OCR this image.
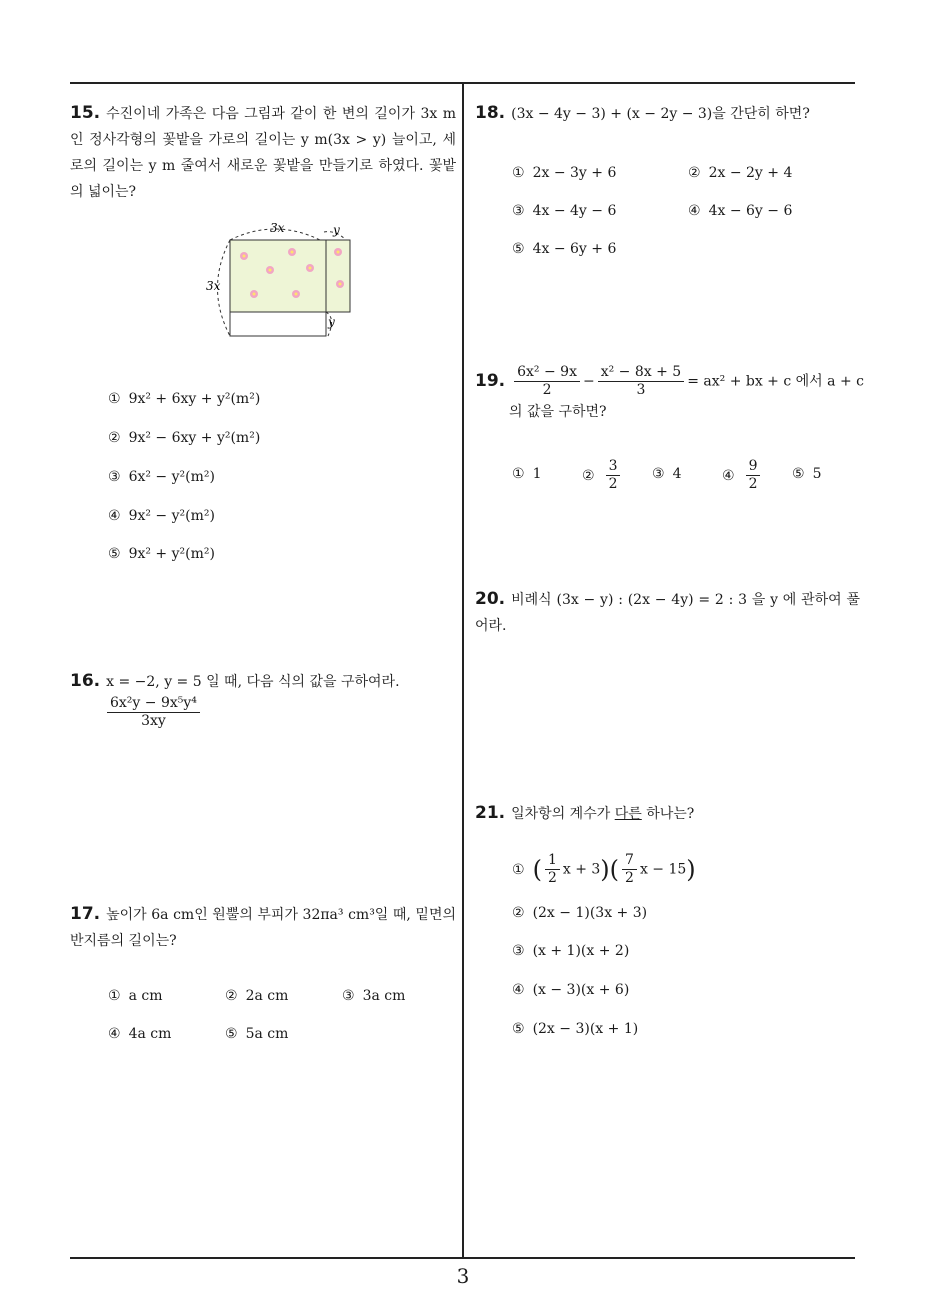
15. 수진이네 가족은 다음 그림과 같이 한 변의 길이가 3x m 인 정사각형의 꽃밭을 가로의 길이는 y m(3x > y) 늘이고, 세로의 길이는 y m 줄여서 새로운 꽃밭을 만들기로 하였다. 꽃밭의 넓이는?
3x
3x
y
y
① 9x² + 6xy + y²(m²)
② 9x² − 6xy + y²(m²)
③ 6x² − y²(m²)
④ 9x² − y²(m²)
⑤ 9x² + y²(m²)
16. x = −2, y = 5 일 때, 다음 식의 값을 구하여라.
$\frac{\text{6x²y − 9x⁵y⁴}}{3xy}$
17. 높이가 6a cm인 원뿔의 부피가 32πa³ cm³일 때, 밑면의 반지름의 길이는?
① a cm	② 2a cm	③ 3a cm
④ 4a cm	⑤ 5a cm
18. (3x − 4y − 3) + (x − 2y − 3)을 간단히 하면?
① 2x − 3y + 6	② 2x − 2y + 4
③ 4x − 4y − 6	④ 4x − 6y − 6
⑤ 4x − 6y + 6
19. $\frac{\text{6x² − 9x}}{2} - \frac{\text{x² − 8x + 5}}{3} = ax^2$ + bx + c 에서 a + c
의 값을 구하면?
① 1	② $\frac{3}{2}$ ③ 4	④ $\frac{9}{2}$ ⑤ 5
20. 비례식 (3x − y) : (2x − 4y) = 2 : 3 을 y 에 관하여 풀어라.
21. 일차항의 계수가 다른 하나는?
① ( $\frac{1}{2}$ $x + 3)( \frac{7}{2}$ x − 15)
② (2x − 1)(3x + 3)
③ (x + 1)(x + 2)
④ (x − 3)(x + 6)
⑤ (2x − 3)(x + 1)
3
